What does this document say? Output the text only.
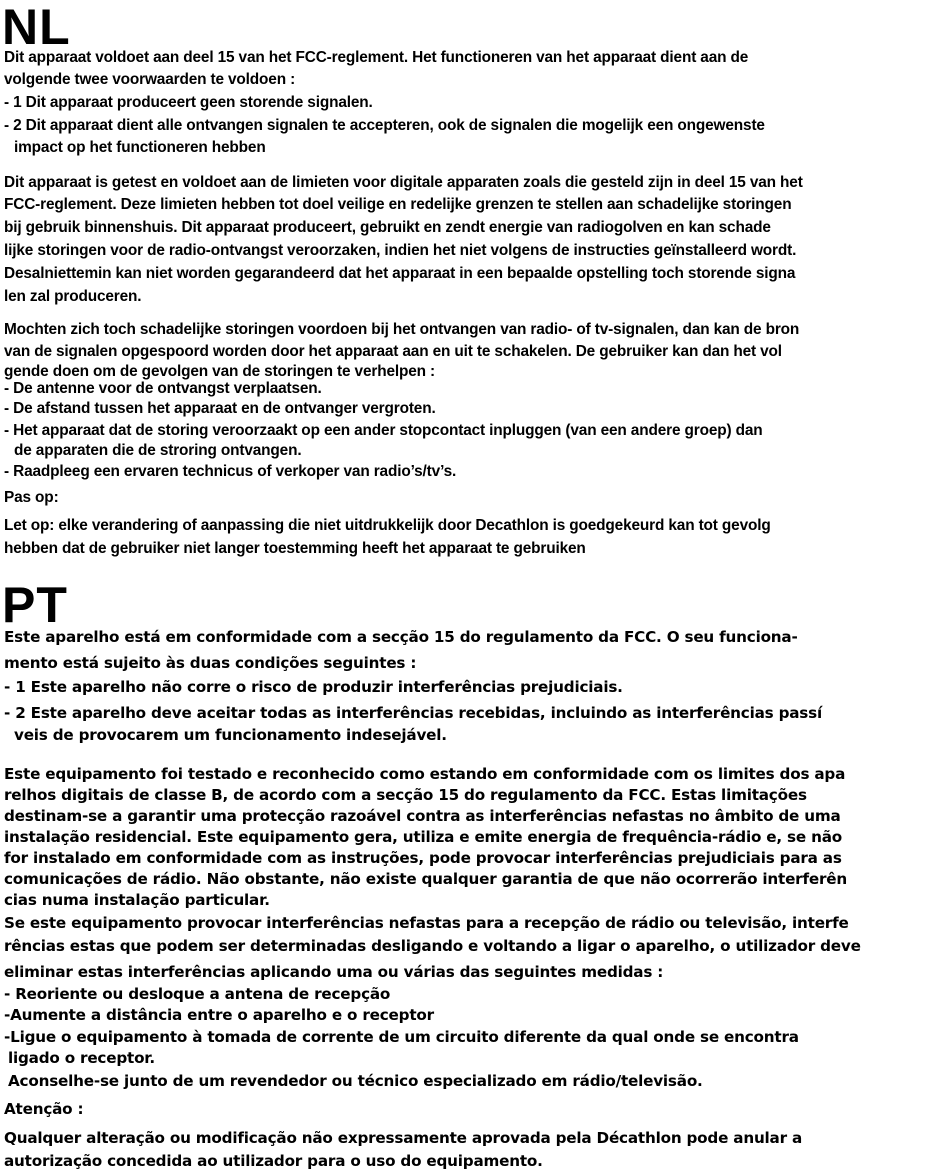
NL
Dit apparaat voldoet aan deel 15 van het FCC-reglement. Het functioneren van het apparaat dient aan de
volgende twee voorwaarden te voldoen :
- 1 Dit apparaat produceert geen storende signalen.
- 2 Dit apparaat dient alle ontvangen signalen te accepteren, ook de signalen die mogelijk een ongewenste
impact op het functioneren hebben
Dit apparaat is getest en voldoet aan de limieten voor digitale apparaten zoals die gesteld zijn in deel 15 van het
FCC-reglement. Deze limieten hebben tot doel veilige en redelijke grenzen te stellen aan schadelijke storingen
bij gebruik binnenshuis. Dit apparaat produceert, gebruikt en zendt energie van radiogolven en kan schade
lijke storingen voor de radio-ontvangst veroorzaken, indien het niet volgens de instructies geïnstalleerd wordt.
Desalniettemin kan niet worden gegarandeerd dat het apparaat in een bepaalde opstelling toch storende signa
len zal produceren.
Mochten zich toch schadelijke storingen voordoen bij het ontvangen van radio- of tv-signalen, dan kan de bron
van de signalen opgespoord worden door het apparaat aan en uit te schakelen. De gebruiker kan dan het vol
gende doen om de gevolgen van de storingen te verhelpen :
- De antenne voor de ontvangst verplaatsen.
- De afstand tussen het apparaat en de ontvanger vergroten.
- Het apparaat dat de storing veroorzaakt op een ander stopcontact inpluggen (van een andere groep) dan
de apparaten die de stroring ontvangen.
- Raadpleeg een ervaren technicus of verkoper van radio’s/tv’s.
Pas op:
Let op: elke verandering of aanpassing die niet uitdrukkelijk door Decathlon is goedgekeurd kan tot gevolg
hebben dat de gebruiker niet langer toestemming heeft het apparaat te gebruiken
PT
Este aparelho está em conformidade com a secção 15 do regulamento da FCC. O seu funciona-
mento está sujeito às duas condições seguintes :
- 1 Este aparelho não corre o risco de produzir interferências prejudiciais.
- 2 Este aparelho deve aceitar todas as interferências recebidas, incluindo as interferências passí
veis de provocarem um funcionamento indesejável.
Este equipamento foi testado e reconhecido como estando em conformidade com os limites dos apa
relhos digitais de classe B, de acordo com a secção 15 do regulamento da FCC. Estas limitações
destinam-se a garantir uma protecção razoável contra as interferências nefastas no âmbito de uma
instalação residencial. Este equipamento gera, utiliza e emite energia de frequência-rádio e, se não
for instalado em conformidade com as instruções, pode provocar interferências prejudiciais para as
comunicações de rádio. Não obstante, não existe qualquer garantia de que não ocorrerão interferên
cias numa instalação particular.
Se este equipamento provocar interferências nefastas para a recepção de rádio ou televisão, interfe
rências estas que podem ser determinadas desligando e voltando a ligar o aparelho, o utilizador deve
eliminar estas interferências aplicando uma ou várias das seguintes medidas :
- Reoriente ou desloque a antena de recepção
-Aumente a distância entre o aparelho e o receptor
-Ligue o equipamento à tomada de corrente de um circuito diferente da qual onde se encontra
ligado o receptor.
Aconselhe-se junto de um revendedor ou técnico especializado em rádio/televisão.
Atenção :
Qualquer alteração ou modificação não expressamente aprovada pela Décathlon pode anular a
autorização concedida ao utilizador para o uso do equipamento.
